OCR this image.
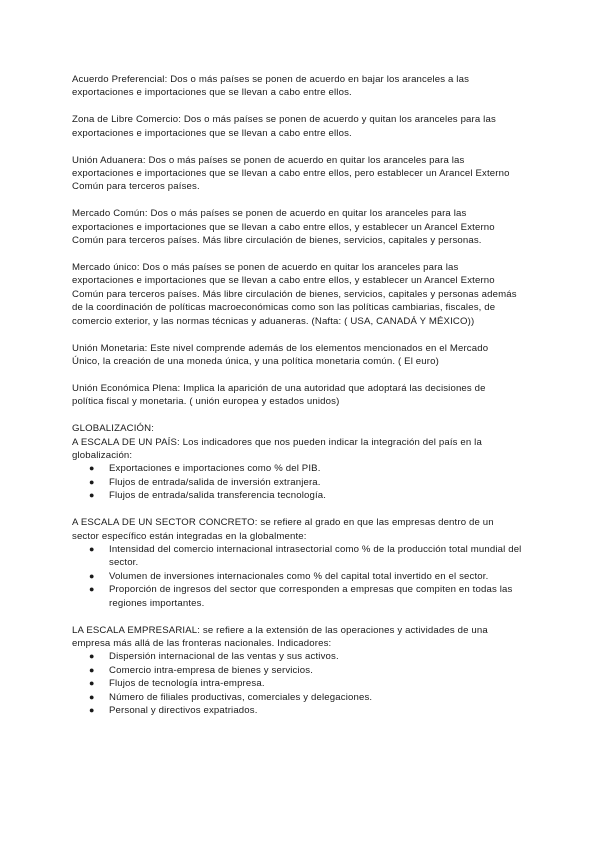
Acuerdo Preferencial: Dos o más países se ponen de acuerdo en bajar los aranceles a las
exportaciones e importaciones que se llevan a cabo entre ellos.

Zona de Libre Comercio: Dos o más países se ponen de acuerdo y quitan los aranceles para las
exportaciones e importaciones que se llevan a cabo entre ellos.

Unión Aduanera: Dos o más países se ponen de acuerdo en quitar los aranceles para las
exportaciones e importaciones que se llevan a cabo entre ellos, pero establecer un Arancel Externo
Común para terceros países.

Mercado Común: Dos o más países se ponen de acuerdo en quitar los aranceles para las
exportaciones e importaciones que se llevan a cabo entre ellos, y establecer un Arancel Externo
Común para terceros países. Más libre circulación de bienes, servicios, capitales y personas.

Mercado único: Dos o más países se ponen de acuerdo en quitar los aranceles para las
exportaciones e importaciones que se llevan a cabo entre ellos, y establecer un Arancel Externo
Común para terceros países. Más libre circulación de bienes, servicios, capitales y personas además
de la coordinación de políticas macroeconómicas como son las políticas cambiarias, fiscales, de
comercio exterior, y las normas técnicas y aduaneras. (Nafta: ( USA, CANADÁ Y MÉXICO))

Unión Monetaria: Este nivel comprende además de los elementos mencionados en el Mercado
Único, la creación de una moneda única, y una política monetaria común. ( El euro)

Unión Económica Plena: Implica la aparición de una autoridad que adoptará las decisiones de
política fiscal y monetaria. ( unión europea y estados unidos)

GLOBALIZACIÓN:

A ESCALA DE UN PAÍS: Los indicadores que nos pueden indicar la integración del país en la
globalización:

● Exportaciones e importaciones como % del PIB.
● Flujos de entrada/salida de inversión extranjera.
● Flujos de entrada/salida transferencia tecnología.

A ESCALA DE UN SECTOR CONCRETO: se refiere al grado en que las empresas dentro de un
sector específico están integradas en la globalmente:

● Intensidad del comercio internacional intrasectorial como % de la producción total mundial del sector.
● Volumen de inversiones internacionales como % del capital total invertido en el sector.
● Proporción de ingresos del sector que corresponden a empresas que compiten en todas las regiones importantes.

LA ESCALA EMPRESARIAL: se refiere a la extensión de las operaciones y actividades de una
empresa más allá de las fronteras nacionales. Indicadores:

● Dispersión internacional de las ventas y sus activos.
● Comercio intra-empresa de bienes y servicios.
● Flujos de tecnología intra-empresa.
● Número de filiales productivas, comerciales y delegaciones.
● Personal y directivos expatriados.
